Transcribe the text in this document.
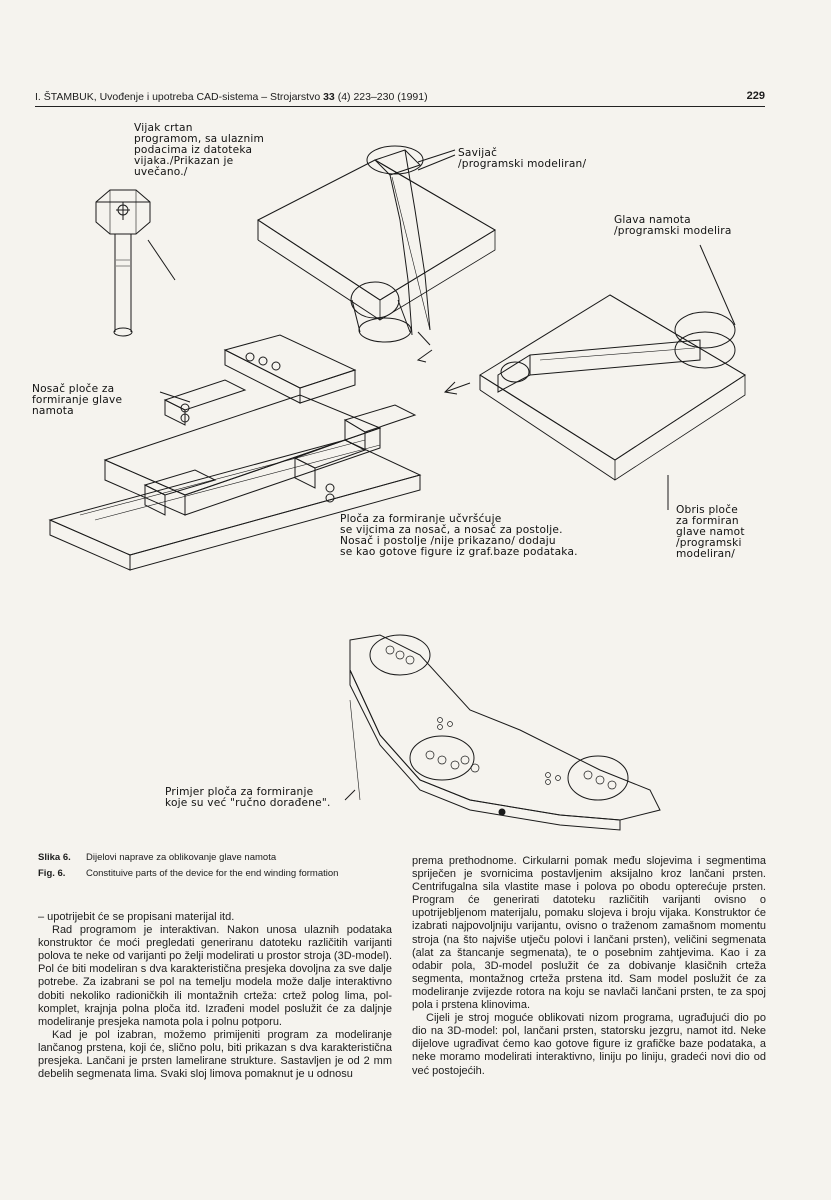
I. ŠTAMBUK, Uvođenje i upotreba CAD-sistema – Strojarstvo 33 (4) 223–230 (1991)	229
Vijak crtan
programom, sa ulaznim
podacima iz datoteka
vijaka./Prikazan je
uvečano./
Savijač
/programski modeliran/
Glava namota
/programski modelira
Nosač ploče za
formiranje glave
namota
Ploča za formiranje učvršćuje
se vijcima za nosač, a nosač za postolje.
Nosač i postolje /nije prikazano/ dodaju
se kao gotove figure iz graf.baze podataka.
Obris ploče
za formiran
glave namot
/programski
modeliran/
Primjer ploča za formiranje
koje su već "ručno dorađene".
Slika 6.	Dijelovi naprave za oblikovanje glave namota
Fig. 6.	Constituive parts of the device for the end winding formation

– upotrijebit će se propisani materijal itd.

Rad programom je interaktivan. Nakon unosa ulaznih podataka konstruktor će moći pregledati generiranu datoteku različitih varijanti polova te neke od varijanti po želji modelirati u prostor stroja (3D-model). Pol će biti modeliran s dva karakteristična presjeka dovoljna za sve dalje potrebe. Za izabrani se pol na temelju modela može dalje interaktivno dobiti nekoliko radioničkih ili montažnih crteža: crtež polog lima, pol-komplet, krajnja polna ploča itd. Izrađeni model poslužit će za daljnje modeliranje presjeka namota pola i polnu potporu.

Kad je pol izabran, možemo primijeniti program za modeliranje lančanog prstena, koji će, slično polu, biti prikazan s dva karakteristična presjeka. Lančani je prsten lamelirane strukture. Sastavljen je od 2 mm debelih segmenata lima. Svaki sloj limova pomaknut je u odnosu

prema prethodnome. Cirkularni pomak među slojevima i segmentima spriječen je svornicima postavljenim aksijalno kroz lančani prsten. Centrifugalna sila vlastite mase i polova po obodu opterećuje prsten. Program će generirati datoteku različitih varijanti ovisno o upotrijebljenom materijalu, pomaku slojeva i broju vijaka. Konstruktor će izabrati najpovoljniju varijantu, ovisno o traženom zamašnom momentu stroja (na što najviše utječu polovi i lančani prsten), veličini segmenata (alat za štancanje segmenata), te o posebnim zahtjevima. Kao i za odabir pola, 3D-model poslužit će za dobivanje klasičnih crteža segmenta, montažnog crteža prstena itd. Sam model poslužit će za modeliranje zvijezde rotora na koju se navlači lančani prsten, te za spoj pola i prstena klinovima.

Cijeli je stroj moguće oblikovati nizom programa, ugrađujući dio po dio na 3D-model: pol, lančani prsten, statorsku jezgru, namot itd. Neke dijelove ugrađivat ćemo kao gotove figure iz grafičke baze podataka, a neke moramo modelirati interaktivno, liniju po liniju, gradeći novi dio od već postojećih.
